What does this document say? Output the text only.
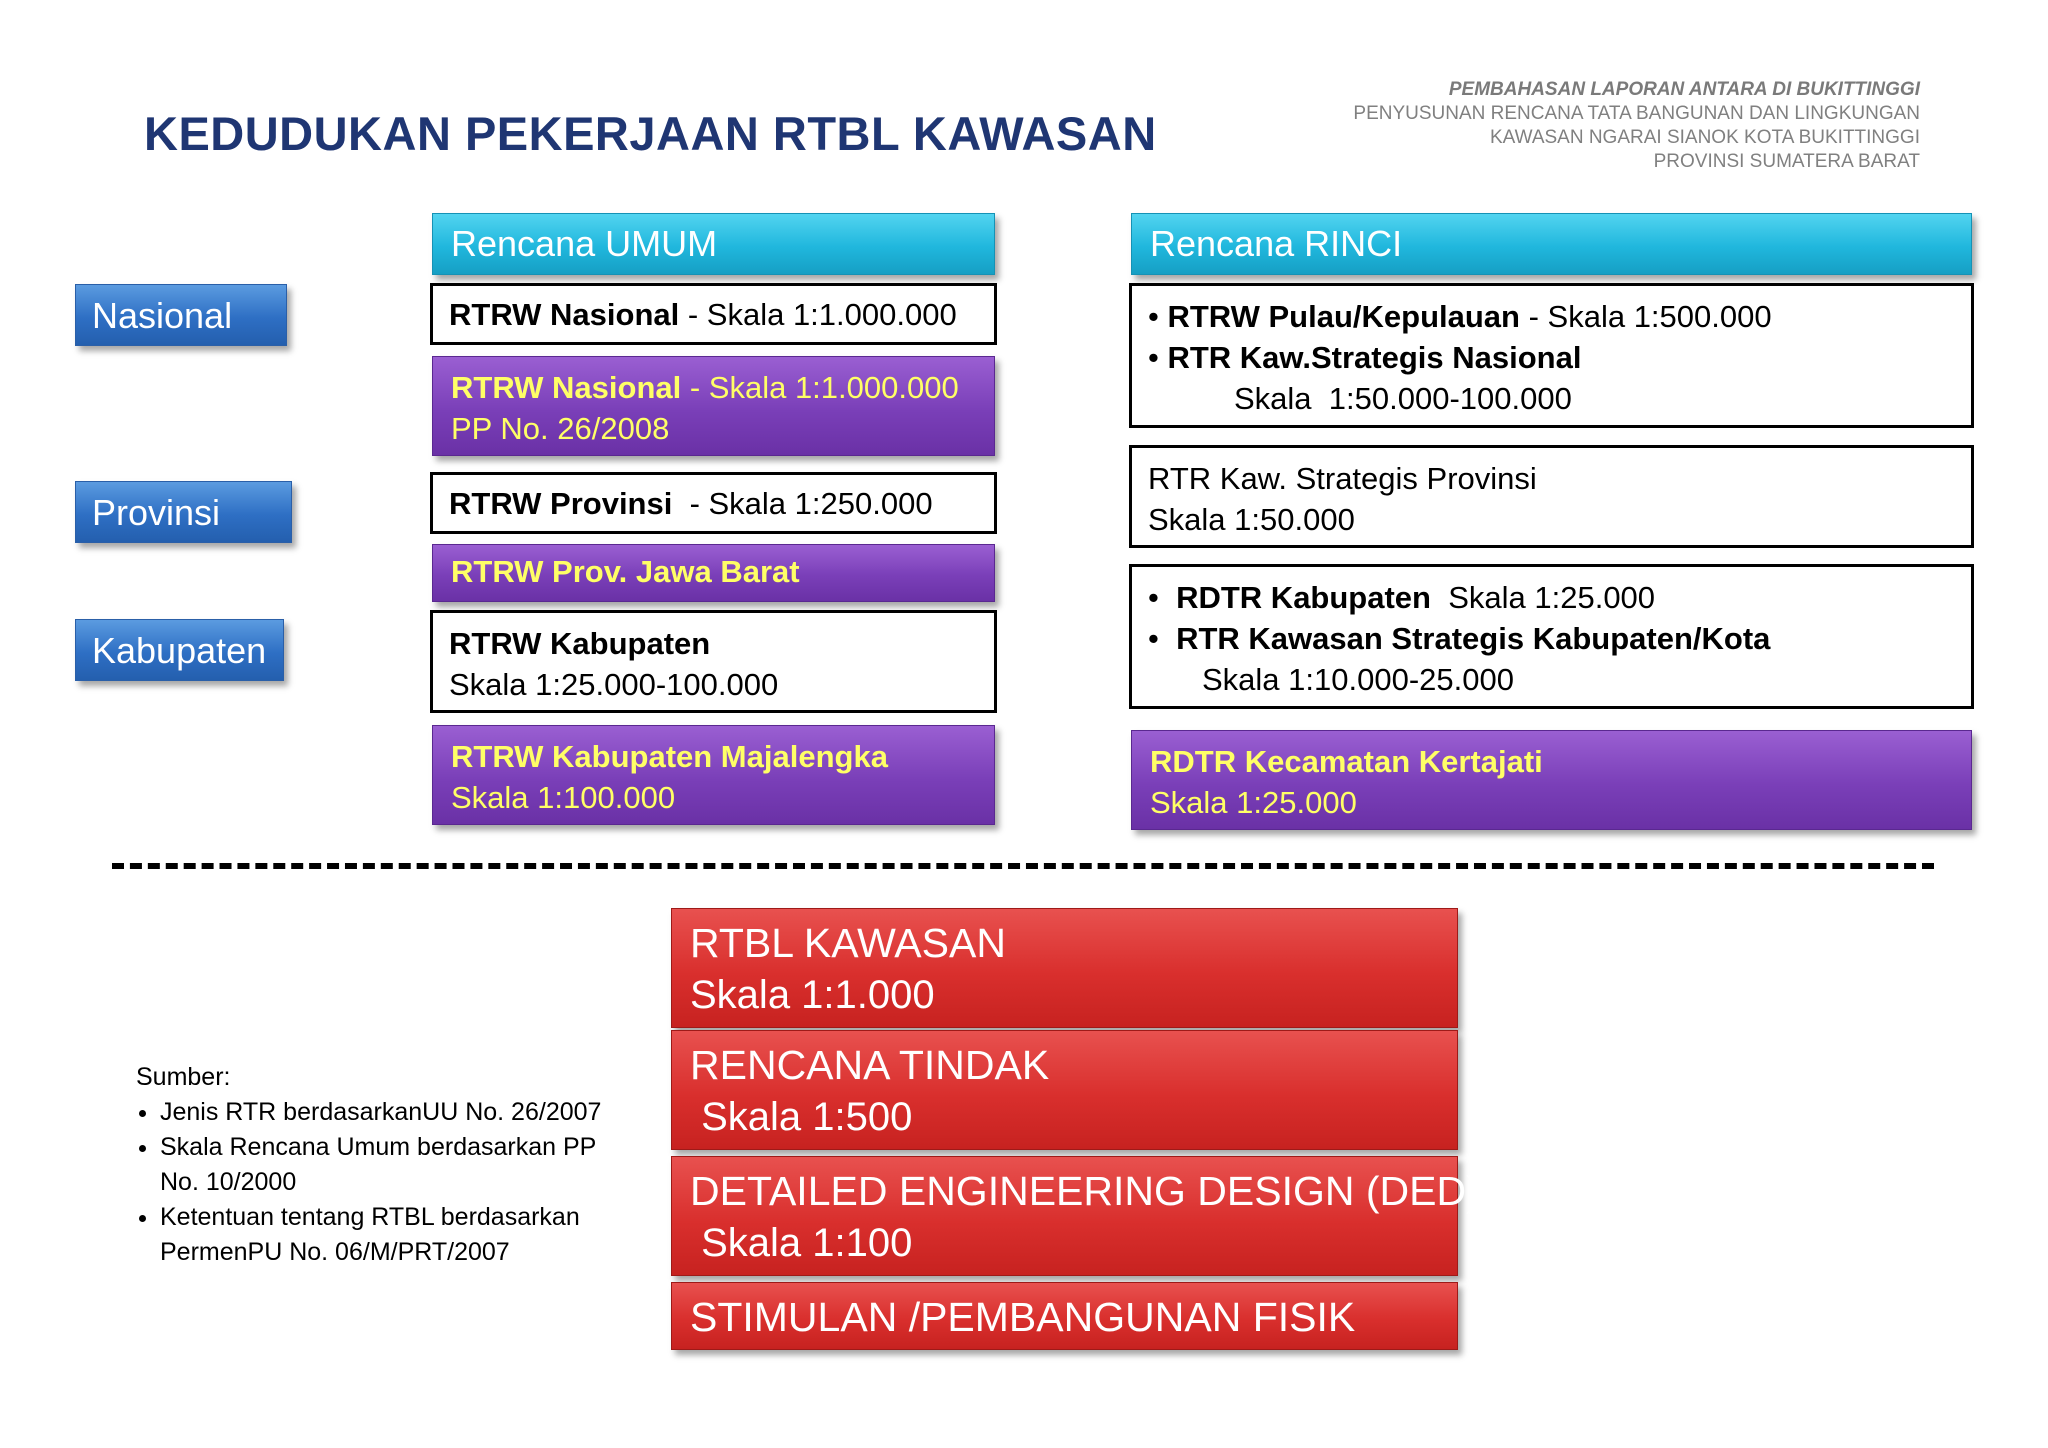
KEDUDUKAN PEKERJAAN RTBL KAWASAN
PEMBAHASAN LAPORAN ANTARA DI BUKITTINGGI
PENYUSUNAN RENCANA TATA BANGUNAN DAN LINGKUNGAN
KAWASAN NGARAI SIANOK KOTA BUKITTINGGI
PROVINSI SUMATERA BARAT
Nasional
Provinsi
Kabupaten
Rencana UMUM
RTRW Nasional - Skala 1:1.000.000
RTRW Nasional - Skala 1:1.000.000
PP No. 26/2008
RTRW Provinsi  - Skala 1:250.000
RTRW Prov. Jawa Barat
RTRW Kabupaten
Skala 1:25.000-100.000
RTRW Kabupaten Majalengka
Skala 1:100.000
Rencana RINCI
• RTRW Pulau/Kepulauan - Skala 1:500.000
• RTR Kaw.Strategis Nasional
Skala  1:50.000-100.000
RTR Kaw. Strategis Provinsi
Skala 1:50.000
•  RDTR Kabupaten  Skala 1:25.000
•  RTR Kawasan Strategis Kabupaten/Kota
Skala 1:10.000-25.000
RDTR Kecamatan Kertajati
Skala 1:25.000
RTBL KAWASAN
Skala 1:1.000
RENCANA TINDAK
Skala 1:500
DETAILED ENGINEERING DESIGN (DED)
Skala 1:100
STIMULAN /PEMBANGUNAN FISIK
Sumber:
• Jenis RTR berdasarkanUU No. 26/2007
• Skala Rencana Umum berdasarkan PP No. 10/2000
• Ketentuan tentang RTBL berdasarkan PermenPU No. 06/M/PRT/2007
